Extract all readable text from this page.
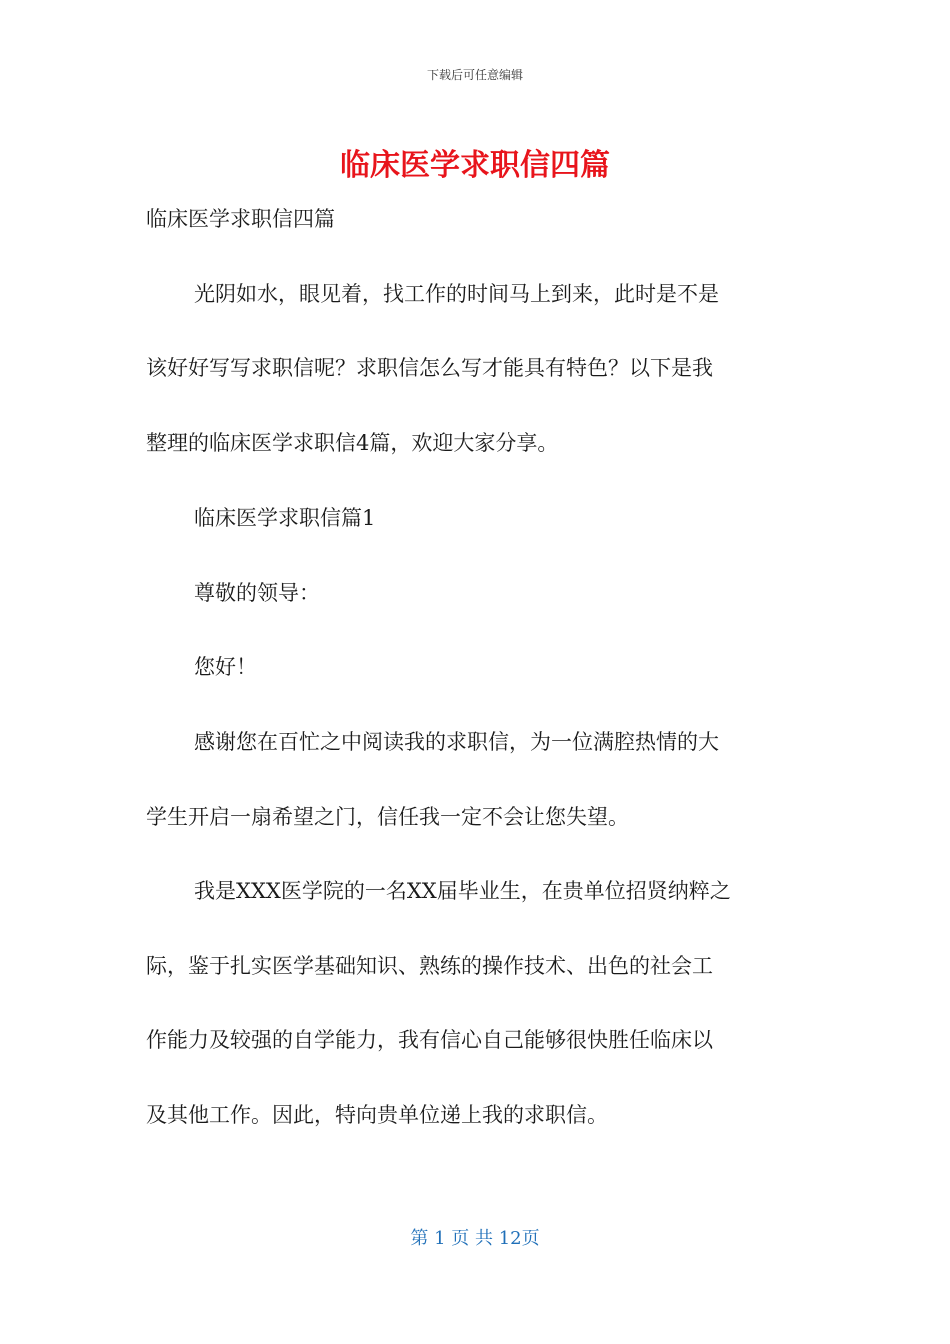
下载后可任意编辑
临床医学求职信四篇
临床医学求职信四篇
光阴如水，眼见着，找工作的时间马上到来，此时是不是
该好好写写求职信呢？求职信怎么写才能具有特色？以下是我
整理的临床医学求职信4篇，欢迎大家分享。
临床医学求职信篇1
尊敬的领导：
您好！
感谢您在百忙之中阅读我的求职信，为一位满腔热情的大
学生开启一扇希望之门，信任我一定不会让您失望。
我是XXX医学院的一名XX届毕业生，在贵单位招贤纳粹之
际，鉴于扎实医学基础知识、熟练的操作技术、出色的社会工
作能力及较强的自学能力，我有信心自己能够很快胜任临床以
及其他工作。因此，特向贵单位递上我的求职信。
第 1 页 共 12页
